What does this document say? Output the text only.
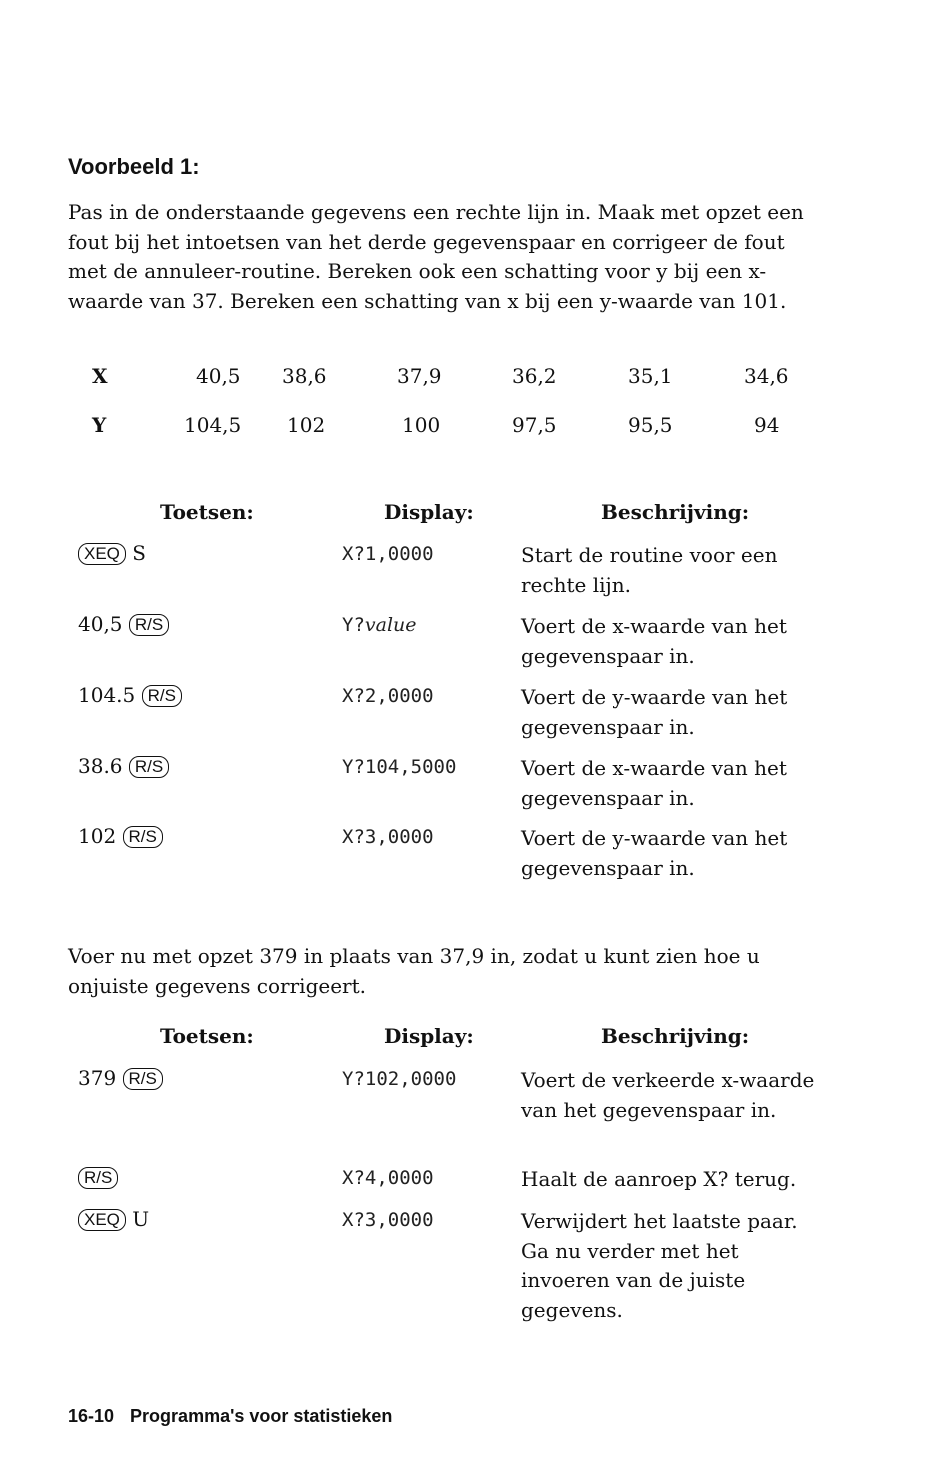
Voorbeeld 1:
Pas in de onderstaande gegevens een rechte lijn in. Maak met opzet een fout bij het intoetsen van het derde gegevenspaar en corrigeer de fout met de annuleer-routine. Bereken ook een schatting voor y bij een x-waarde van 37. Bereken een schatting van x bij een y-waarde van 101.
X	40,5 38,6	37,9	36,2	35,1	34,6
Y	104,5 102	100	97,5	95,5	94
Toetsen:	Display:	Beschrijving:
XEQ S	X?1,0000	Start de routine voor een rechte lijn.
40,5 R/S	Y?value	Voert de x-waarde van het gegevenspaar in.
104.5 R/S	X?2,0000	Voert de y-waarde van het gegevenspaar in.
38.6 R/S	Y?104,5000	Voert de x-waarde van het gegevenspaar in.
102 R/S	X?3,0000	Voert de y-waarde van het gegevenspaar in.
Voer nu met opzet 379 in plaats van 37,9 in, zodat u kunt zien hoe u onjuiste gegevens corrigeert.
Toetsen:	Display:	Beschrijving:
379 R/S	Y?102,0000	Voert de verkeerde x-waarde van het gegevenspaar in.
R/S	X?4,0000	Haalt de aanroep X? terug.
XEQ U	X?3,0000	Verwijdert het laatste paar. Ga nu verder met het invoeren van de juiste gegevens.
16-10 Programma's voor statistieken
